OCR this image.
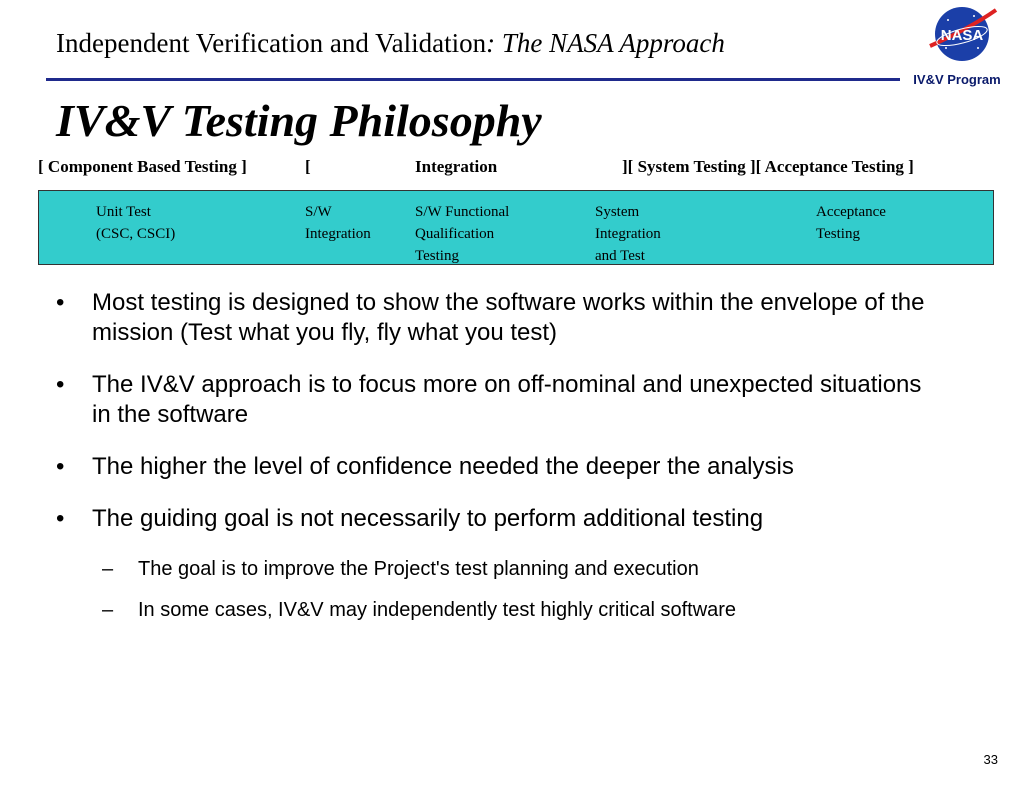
Independent Verification and Validation: The NASA Approach	NASA
IV&V Program
IV&V Testing Philosophy
[ Component Based Testing ]	[	Integration	][ System Testing ][ Acceptance Testing ]
Unit Test
(CSC, CSCI)
S/W
Integration
S/W Functional
Qualification
Testing
System
Integration
and Test
Acceptance
Testing
• Most testing is designed to show the software works within the envelope of the mission (Test what you fly, fly what you test)
• The IV&V approach is to focus more on off-nominal and unexpected situations in the software
• The higher the level of confidence needed the deeper the analysis
• The guiding goal is not necessarily to perform additional testing
– The goal is to improve the Project's test planning and execution
– In some cases, IV&V may independently test highly critical software
33
